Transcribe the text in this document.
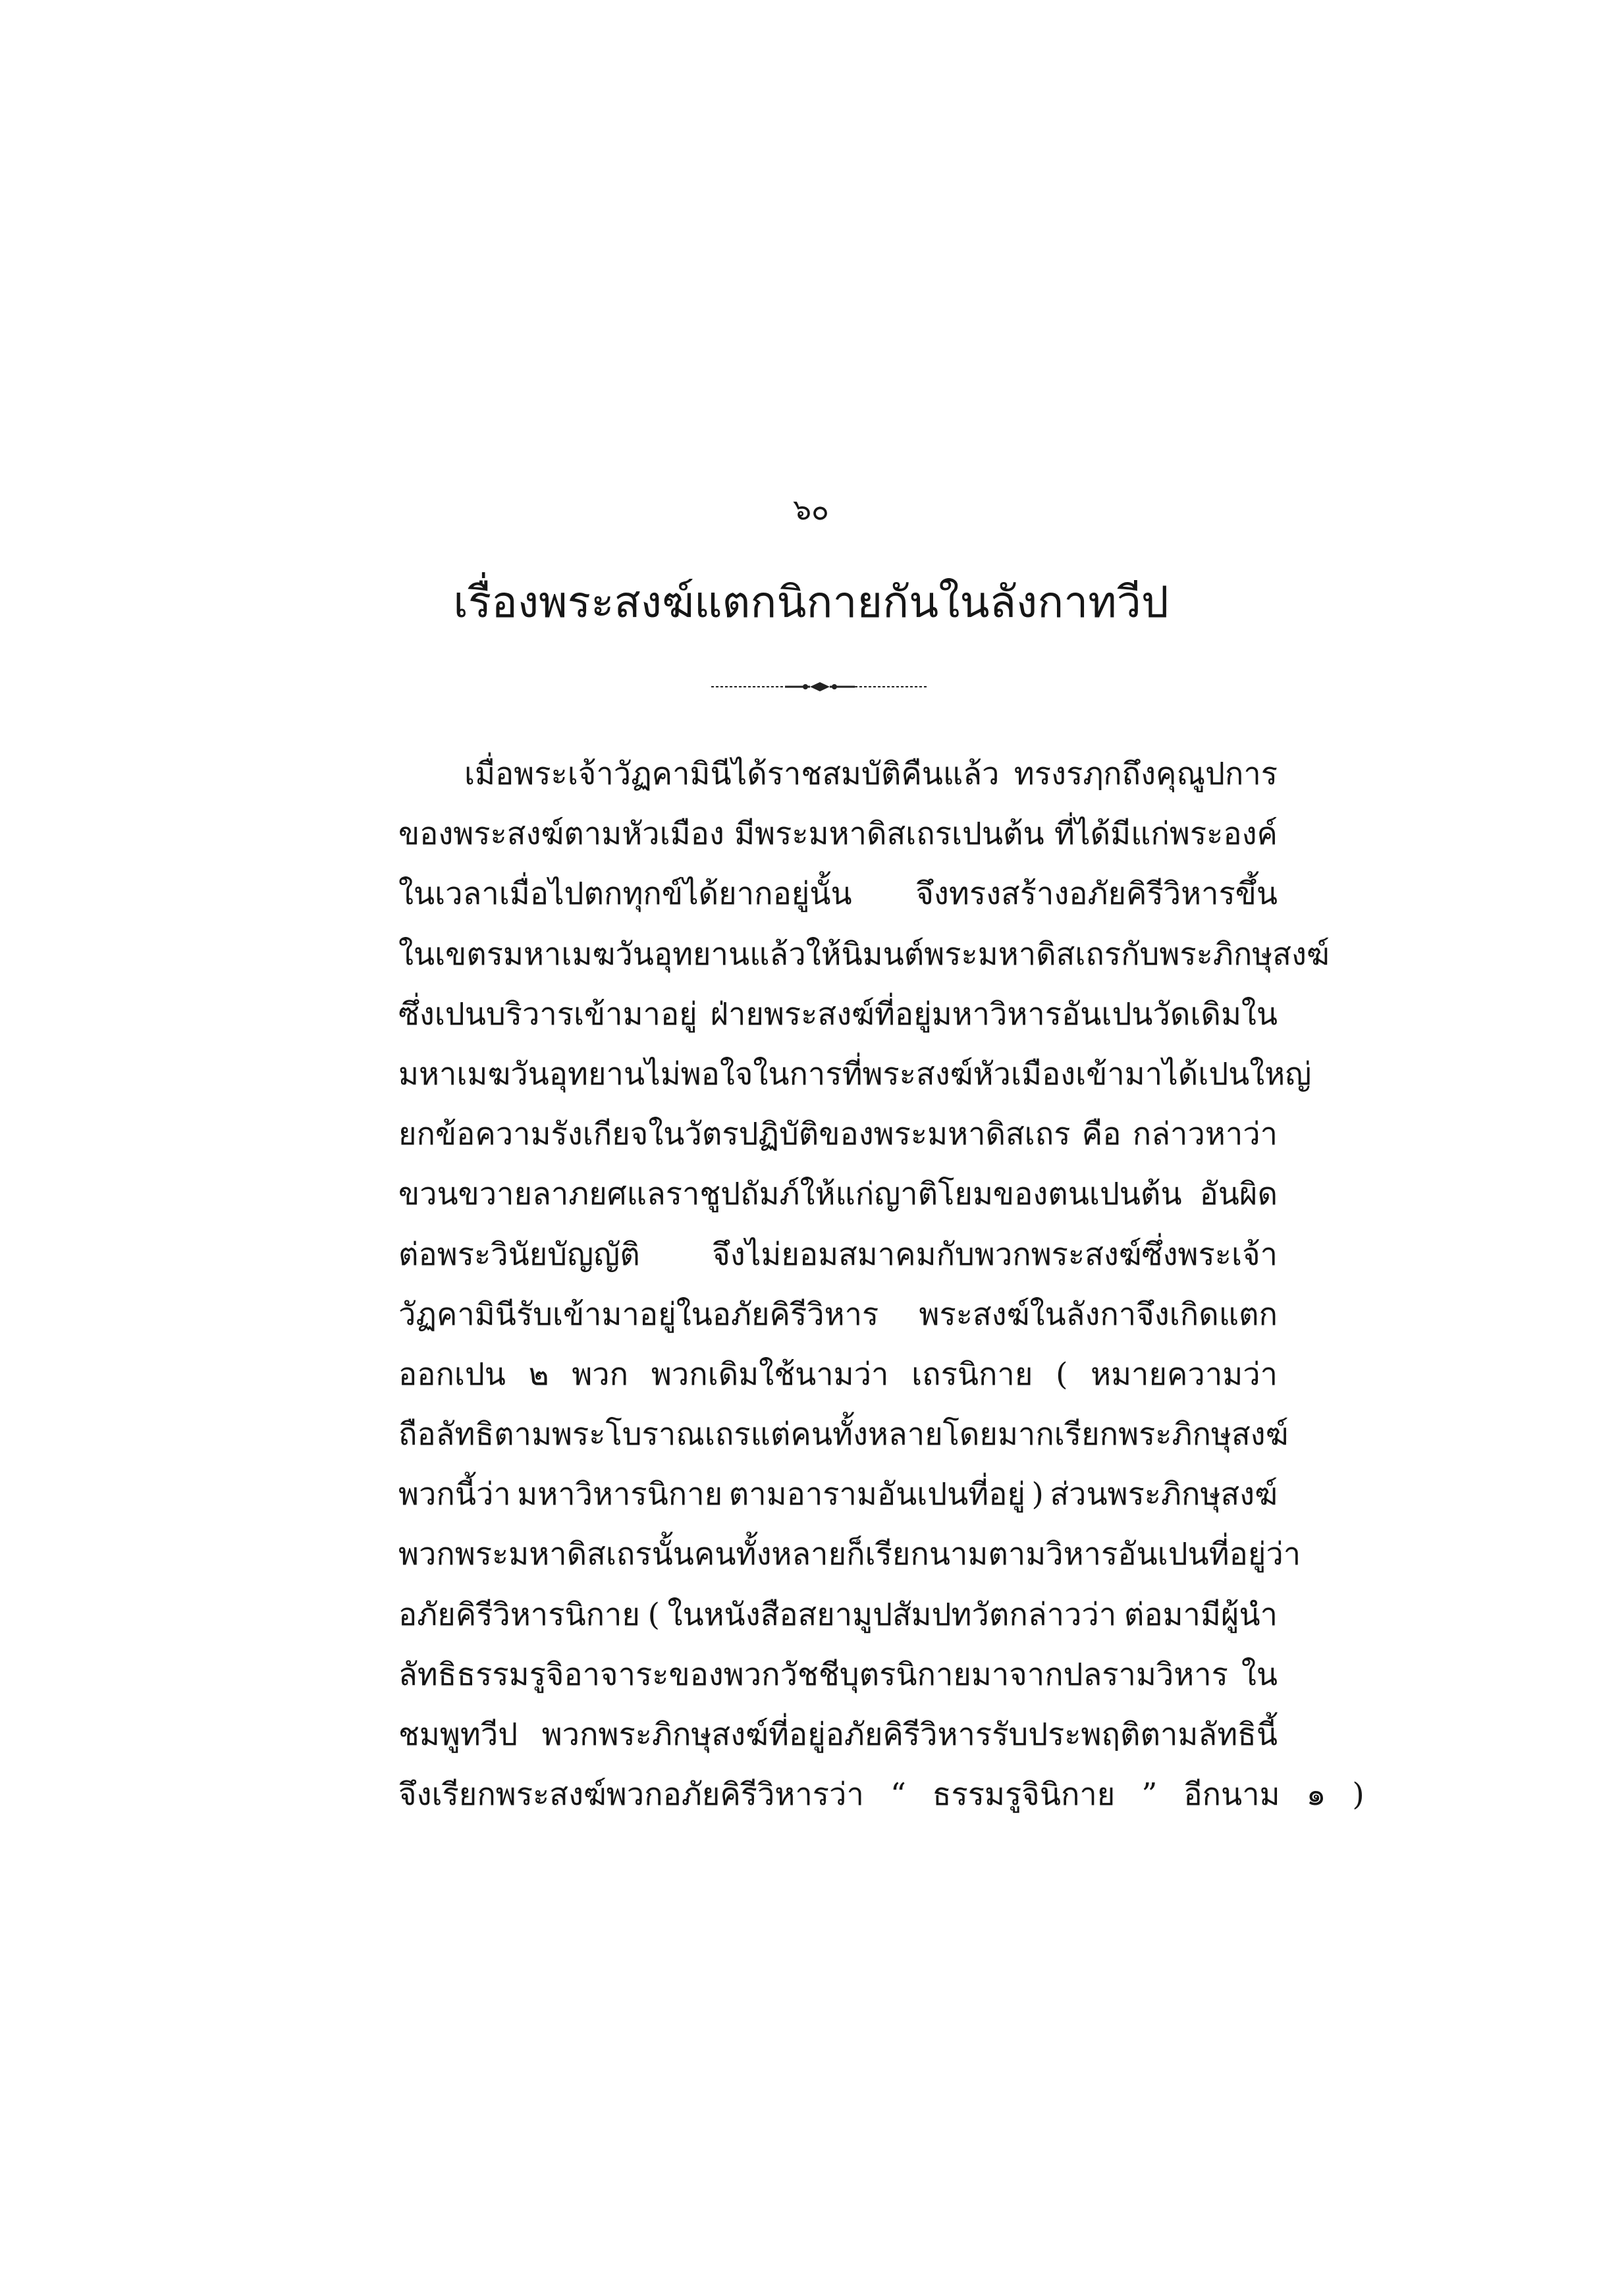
๖๐
เรื่องพระสงฆ์แตกนิกายกันในลังกาทวีป
เมื่อพระเจ้าวัฏคามินีได้ราชสมบัติคืนแล้ว ทรงรฦกถึงคุณูปการ
ของพระสงฆ์ตามหัวเมือง มีพระมหาดิสเถรเปนต้น ที่ได้มีแก่พระองค์
ในเวลาเมื่อไปตกทุกข์ได้ยากอยู่นั้น จึงทรงสร้างอภัยคิรีวิหารขึ้น
ในเขตรมหาเมฆวันอุทยาน แล้วให้นิมนต์พระมหาดิสเถรกับพระภิกษุสงฆ์
ซึ่งเปนบริวารเข้ามาอยู่ ฝ่ายพระสงฆ์ที่อยู่มหาวิหารอันเปนวัดเดิมใน
มหาเมฆวันอุทยาน ไม่พอใจในการที่พระสงฆ์หัวเมืองเข้ามาได้เปนใหญ่
ยกข้อความรังเกียจในวัตรปฏิบัติของพระมหาดิสเถร คือ กล่าวหาว่า
ขวนขวายลาภยศแลราชูปถัมภ์ให้แก่ญาติโยมของตนเปนต้น อันผิด
ต่อพระวินัยบัญญัติ จึงไม่ยอมสมาคมกับพวกพระสงฆ์ซึ่งพระเจ้า
วัฏคามินีรับเข้ามาอยู่ในอภัยคิรีวิหาร พระสงฆ์ในลังกาจึงเกิดแตก
ออกเปน ๒ พวก พวกเดิมใช้นามว่า เถรนิกาย ( หมายความว่า
ถือลัทธิตามพระโบราณเถร แต่คนทั้งหลายโดยมากเรียกพระภิกษุสงฆ์
พวกนี้ว่า มหาวิหารนิกาย ตามอารามอันเปนที่อยู่ ) ส่วนพระภิกษุสงฆ์
พวกพระมหาดิสเถรนั้น คนทั้งหลายก็เรียกนามตามวิหารอันเปนที่อยู่ว่า
อภัยคิรีวิหารนิกาย ( ในหนังสือสยามูปสัมปทวัตกล่าวว่า ต่อมามีผู้นำ
ลัทธิธรรมรูจิอาจาระของพวกวัชชีบุตรนิกายมาจากปลรามวิหาร ใน
ชมพูทวีป พวกพระภิกษุสงฆ์ที่อยู่อภัยคิรีวิหารรับประพฤติตามลัทธินี้
จึงเรียกพระสงฆ์พวกอภัยคิรีวิหารว่า “ ธรรมรูจินิกาย ” อีกนาม ๑ )
